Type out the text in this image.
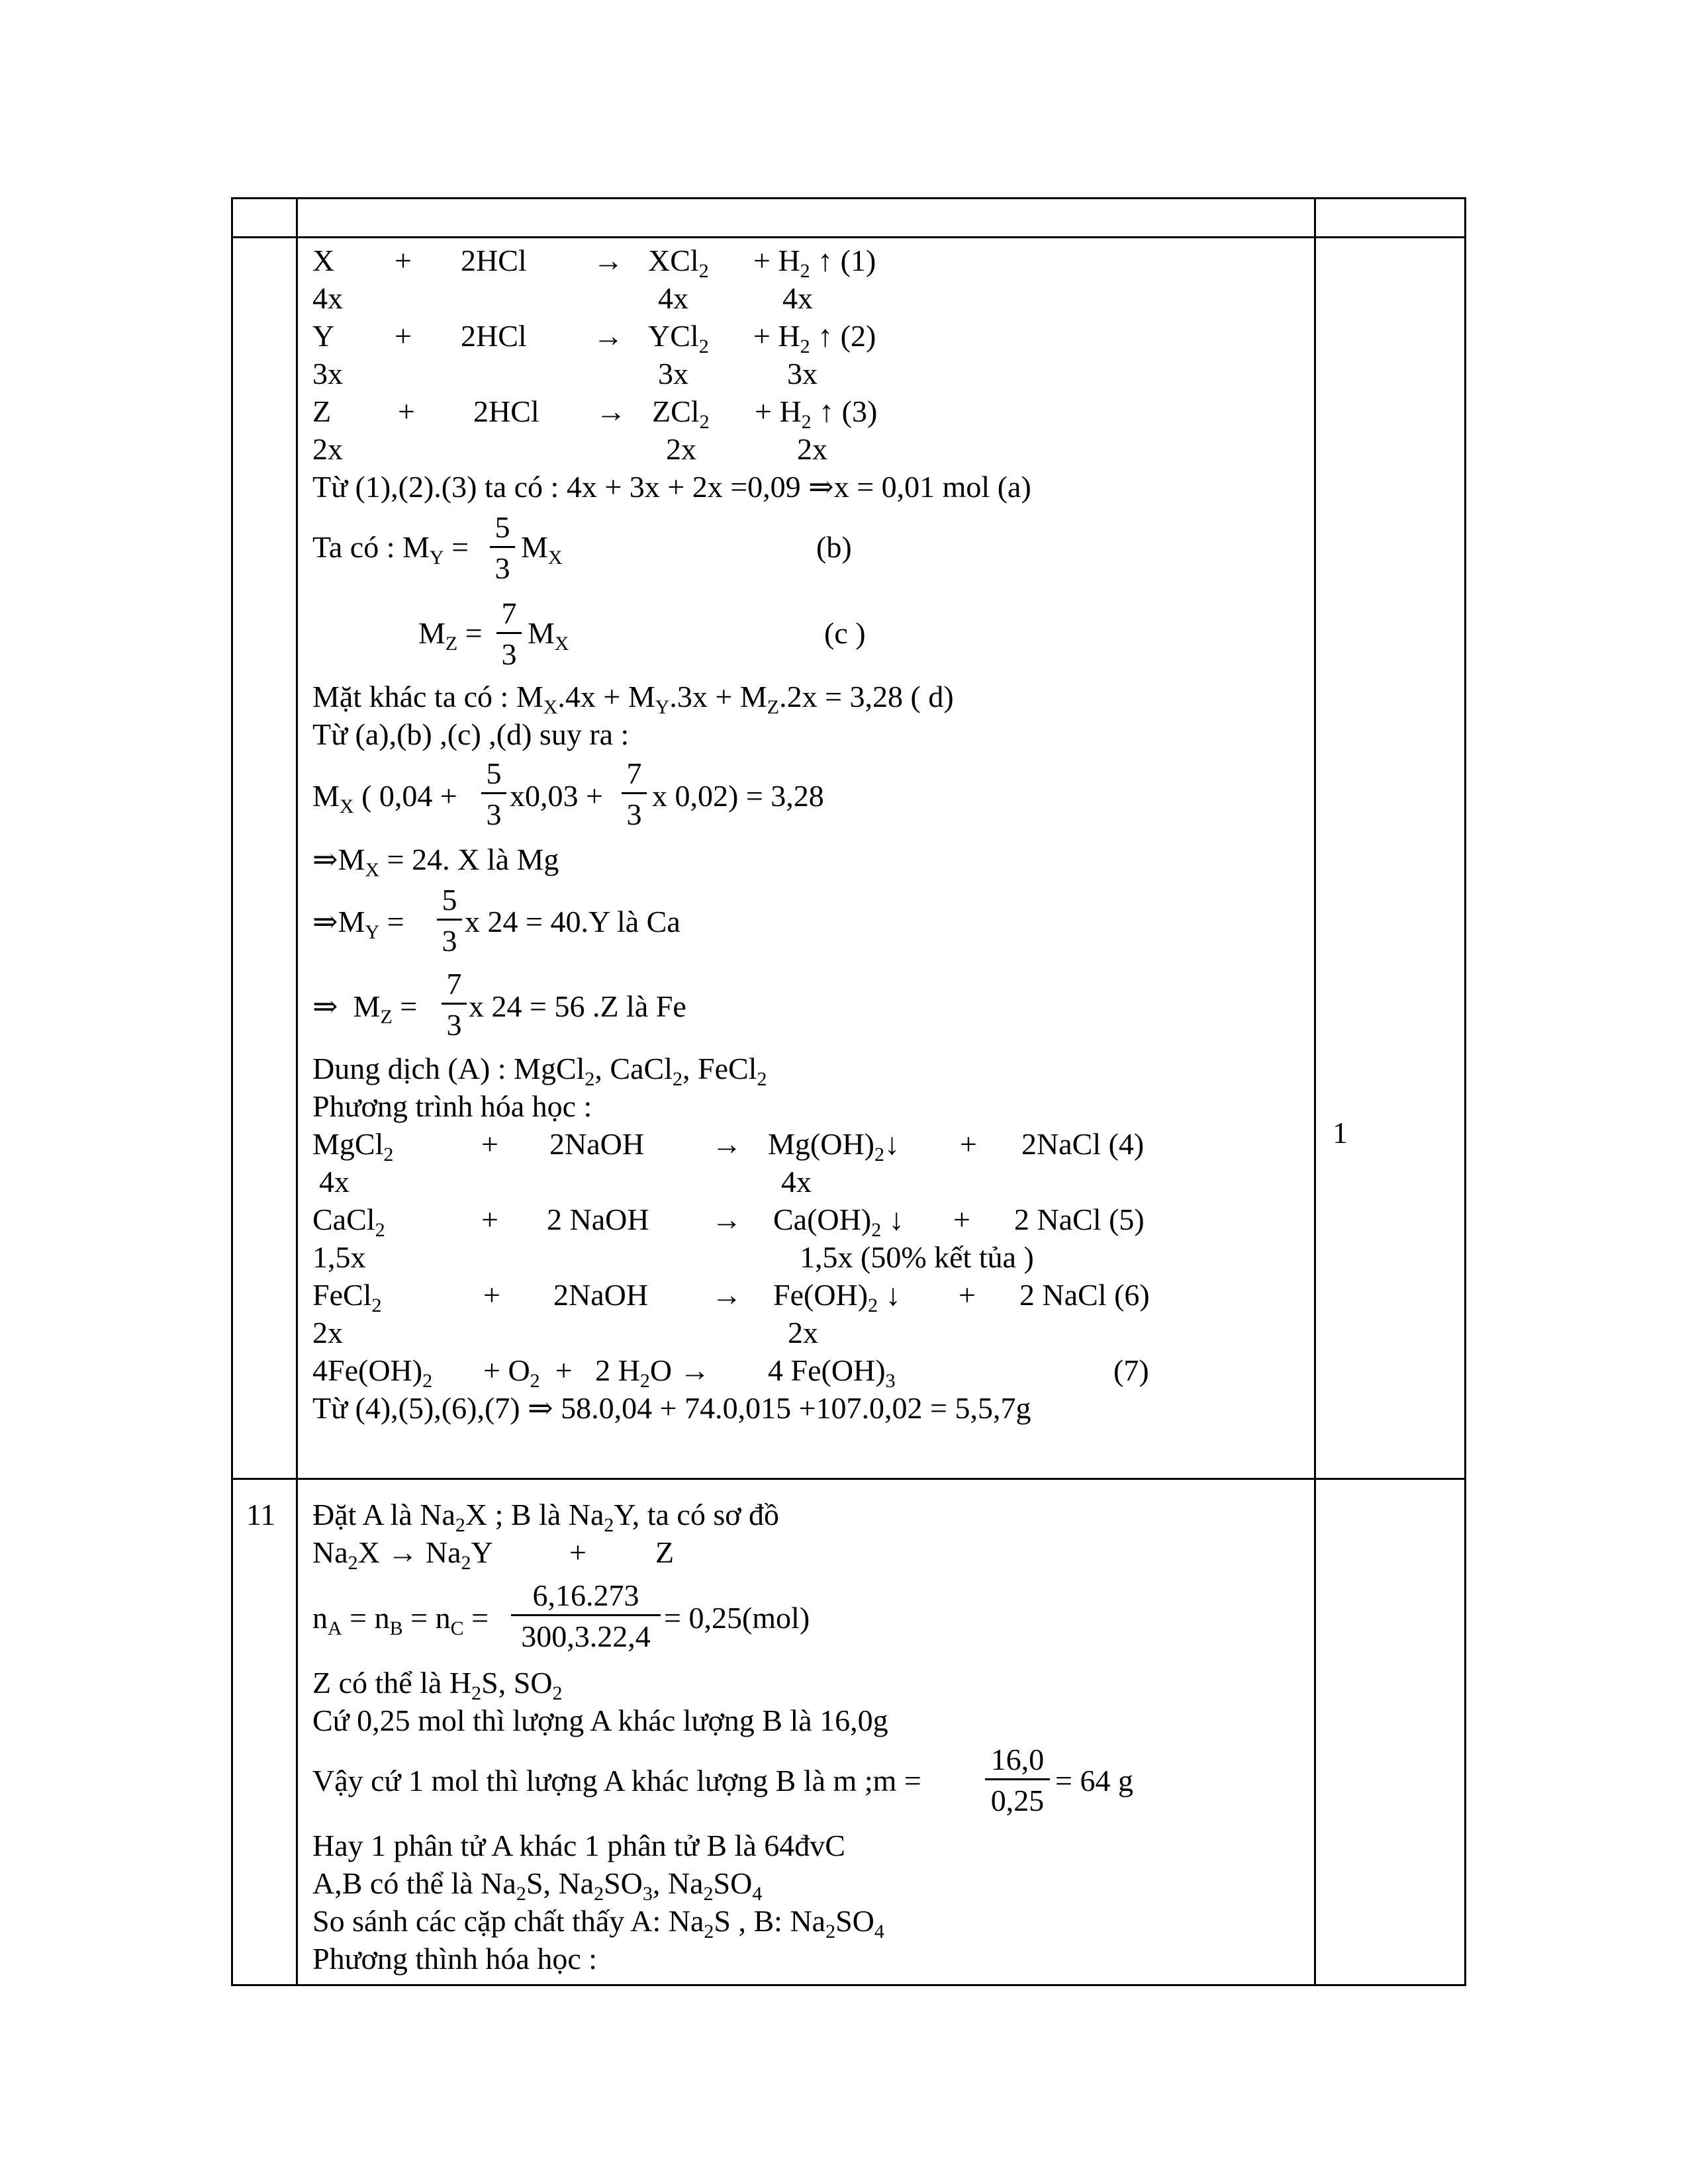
$X + 2HCl \to XCl_2 + H_2$ ↑ (1)
4x	4x	4x
$Y + 2HCl \to YCl_2 + H_2$ ↑ (2)
3x	3x	3x
$Z + 2HCl \to ZCl_2 + H_2$ ↑ (3)
2x	2x	2x
Từ (1),(2).(3) ta có : 4x + 3x + 2x =0,09 ⇒x = 0,01 mol (a)
Ta có : $M_Y$ =
5
3
$M_X$	(b)
$M_Z$ =
7
3
$M_X$	(c )
Mặt khác ta có : $M_X.4x + M_Y.3x + M_Z.2x = 3,28$ ( d)
Từ (a),(b) ,(c) ,(d) suy ra :
$M_X$ ( 0,04 +
5
3
x0,03 +
7
3
x 0,02) = 3,28
$\Rightarrow M_X = 24$. X là Mg
$\Rightarrow M_Y$ =
5
3
x 24 = 40.Y là Ca
⇒ $M_Z$ =
7
3
x 24 = 56 .Z là Fe
Dung dịch (A) : MgCl$_2$, CaCl$_2$, FeCl$_2$
Phương trình hóa học :
MgCl$_2$	+ 2NaOH → $Mg(OH)_2↓$ + 2NaCl (4)
4x	4x
CaCl$_2$	+ 2 NaOH → $Ca(OH)_2$ ↓ + 2 NaCl (5)
1,5x	1,5x (50% kết tủa )
FeCl$_2$	+ 2NaOH → $Fe(OH)_2$ ↓ + 2 NaCl (6)
2x	2x
$4Fe(OH)_2 + O_2 + 2$ $H_2O \to 4$ $Fe(OH)_3$	(7)
Từ (4),(5),(6),(7) ⇒ 58.0,04 + 74.0,015 +107.0,02 = 5,5,7g
1
11 Đặt A là $Na_2X$ ; B là $Na_2Y$, ta có sơ đồ
$Na_2X \to Na_2Y$	+ Z
$n_A = n_B = n_C$ =
6,16.273
300,3.22,4
= 0,25(mol)
Z có thể là $H_2S$, $SO_2$
Cứ 0,25 mol thì lượng A khác lượng B là 16,0g
Vậy cứ 1 mol thì lượng A khác lượng B là m ;m =
16,0
0,25
= 64 g
Hay 1 phân tử A khác 1 phân tử B là 64đvC
A,B có thể là $Na_2S$, $Na_2SO_3$, $Na_2SO_4$
So sánh các cặp chất thấy A: $Na_2S$ , B: $Na_2SO_4$
Phương thình hóa học :
